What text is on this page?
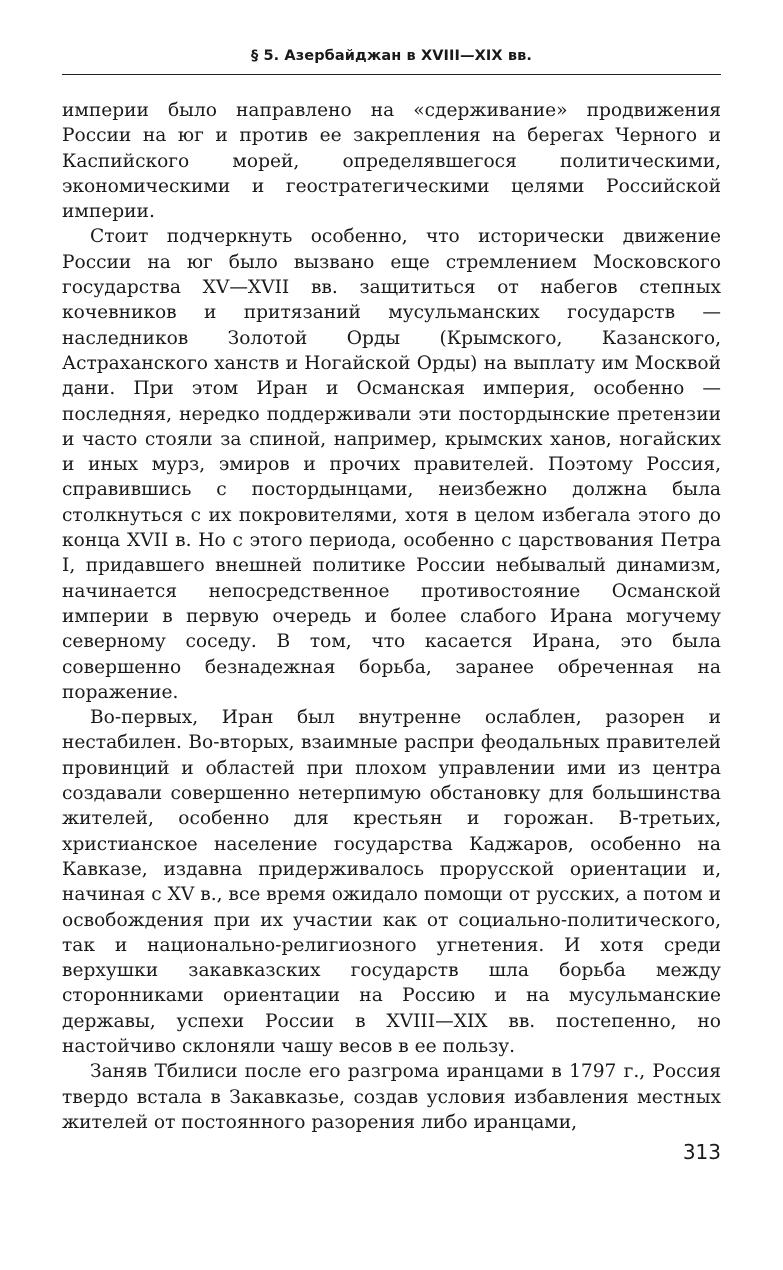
§ 5. Азербайджан в XVIII—XIX вв.

империи было направлено на «сдерживание» продвижения России на юг и против ее закрепления на берегах Черного и Каспийского морей, определявшегося политическими, экономическими и геостратегическими целями Российской империи.

Стоит подчеркнуть особенно, что исторически движение России на юг было вызвано еще стремлением Московского государства XV—XVII вв. защититься от набегов степных кочевников и притязаний мусульманских государств — наследников Золотой Орды (Крымского, Казанского, Астраханского ханств и Ногайской Орды) на выплату им Москвой дани. При этом Иран и Османская империя, особенно — последняя, нередко поддерживали эти постордынские претензии и часто стояли за спиной, например, крымских ханов, ногайских и иных мурз, эмиров и прочих правителей. Поэтому Россия, справившись с постордынцами, неизбежно должна была столкнуться с их покровителями, хотя в целом избегала этого до конца XVII в. Но с этого периода, особенно с царствования Петра I, придавшего внешней политике России небывалый динамизм, начинается непосредственное противостояние Османской империи в первую очередь и более слабого Ирана могучему северному соседу. В том, что касается Ирана, это была совершенно безнадежная борьба, заранее обреченная на поражение.

Во-первых, Иран был внутренне ослаблен, разорен и нестабилен. Во-вторых, взаимные распри феодальных правителей провинций и областей при плохом управлении ими из центра создавали совершенно нетерпимую обстановку для большинства жителей, особенно для крестьян и горожан. В-третьих, христианское население государства Каджаров, особенно на Кавказе, издавна придерживалось прорусской ориентации и, начиная с XV в., все время ожидало помощи от русских, а потом и освобождения при их участии как от социально-политического, так и национально-религиозного угнетения. И хотя среди верхушки закавказских государств шла борьба между сторонниками ориентации на Россию и на мусульманские державы, успехи России в XVIII—XIX вв. постепенно, но настойчиво склоняли чашу весов в ее пользу.

Заняв Тбилиси после его разгрома иранцами в 1797 г., Россия твердо встала в Закавказье, создав условия избавления местных жителей от постоянного разорения либо иранцами,

313
